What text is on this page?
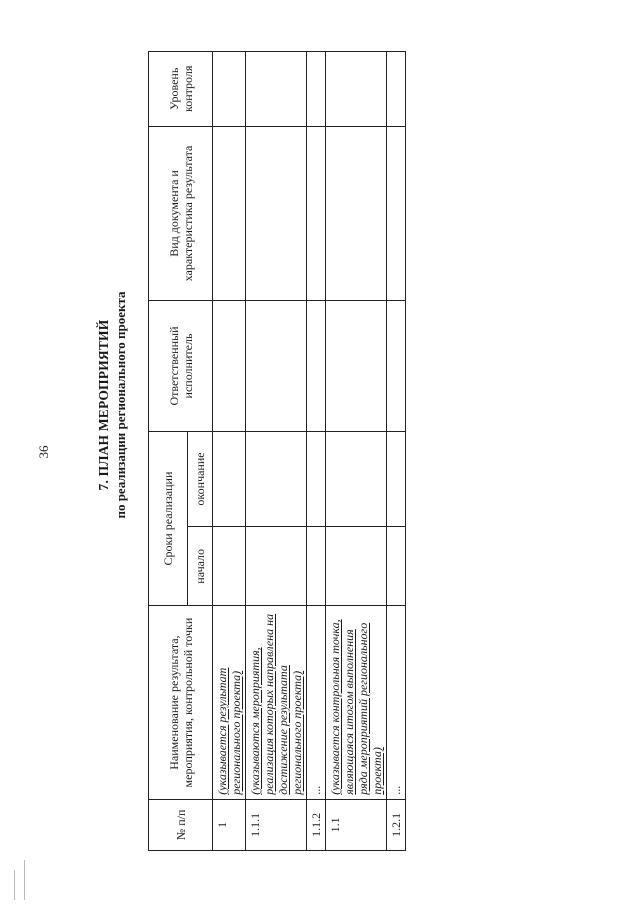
36	7. ПЛАН МЕРОПРИЯТИЙ по реализации регионального проекта
№ п/п	Наименование результата, мероприятия, контрольной точки	Сроки реализации		Ответственный исполнитель	Вид документа и характеристика результата	Уровень контроля
		начало	окончание			
1	(указывается результат регионального проекта)					
1.1.1	(указываются мероприятия, реализация которых направлена на достижение результата регионального проекта)					
1.1.2	...					
1.1	(указывается контрольная точка, являющаяся итогом выполнения ряда мероприятий регионального проекта)					
1.2.1	...					
